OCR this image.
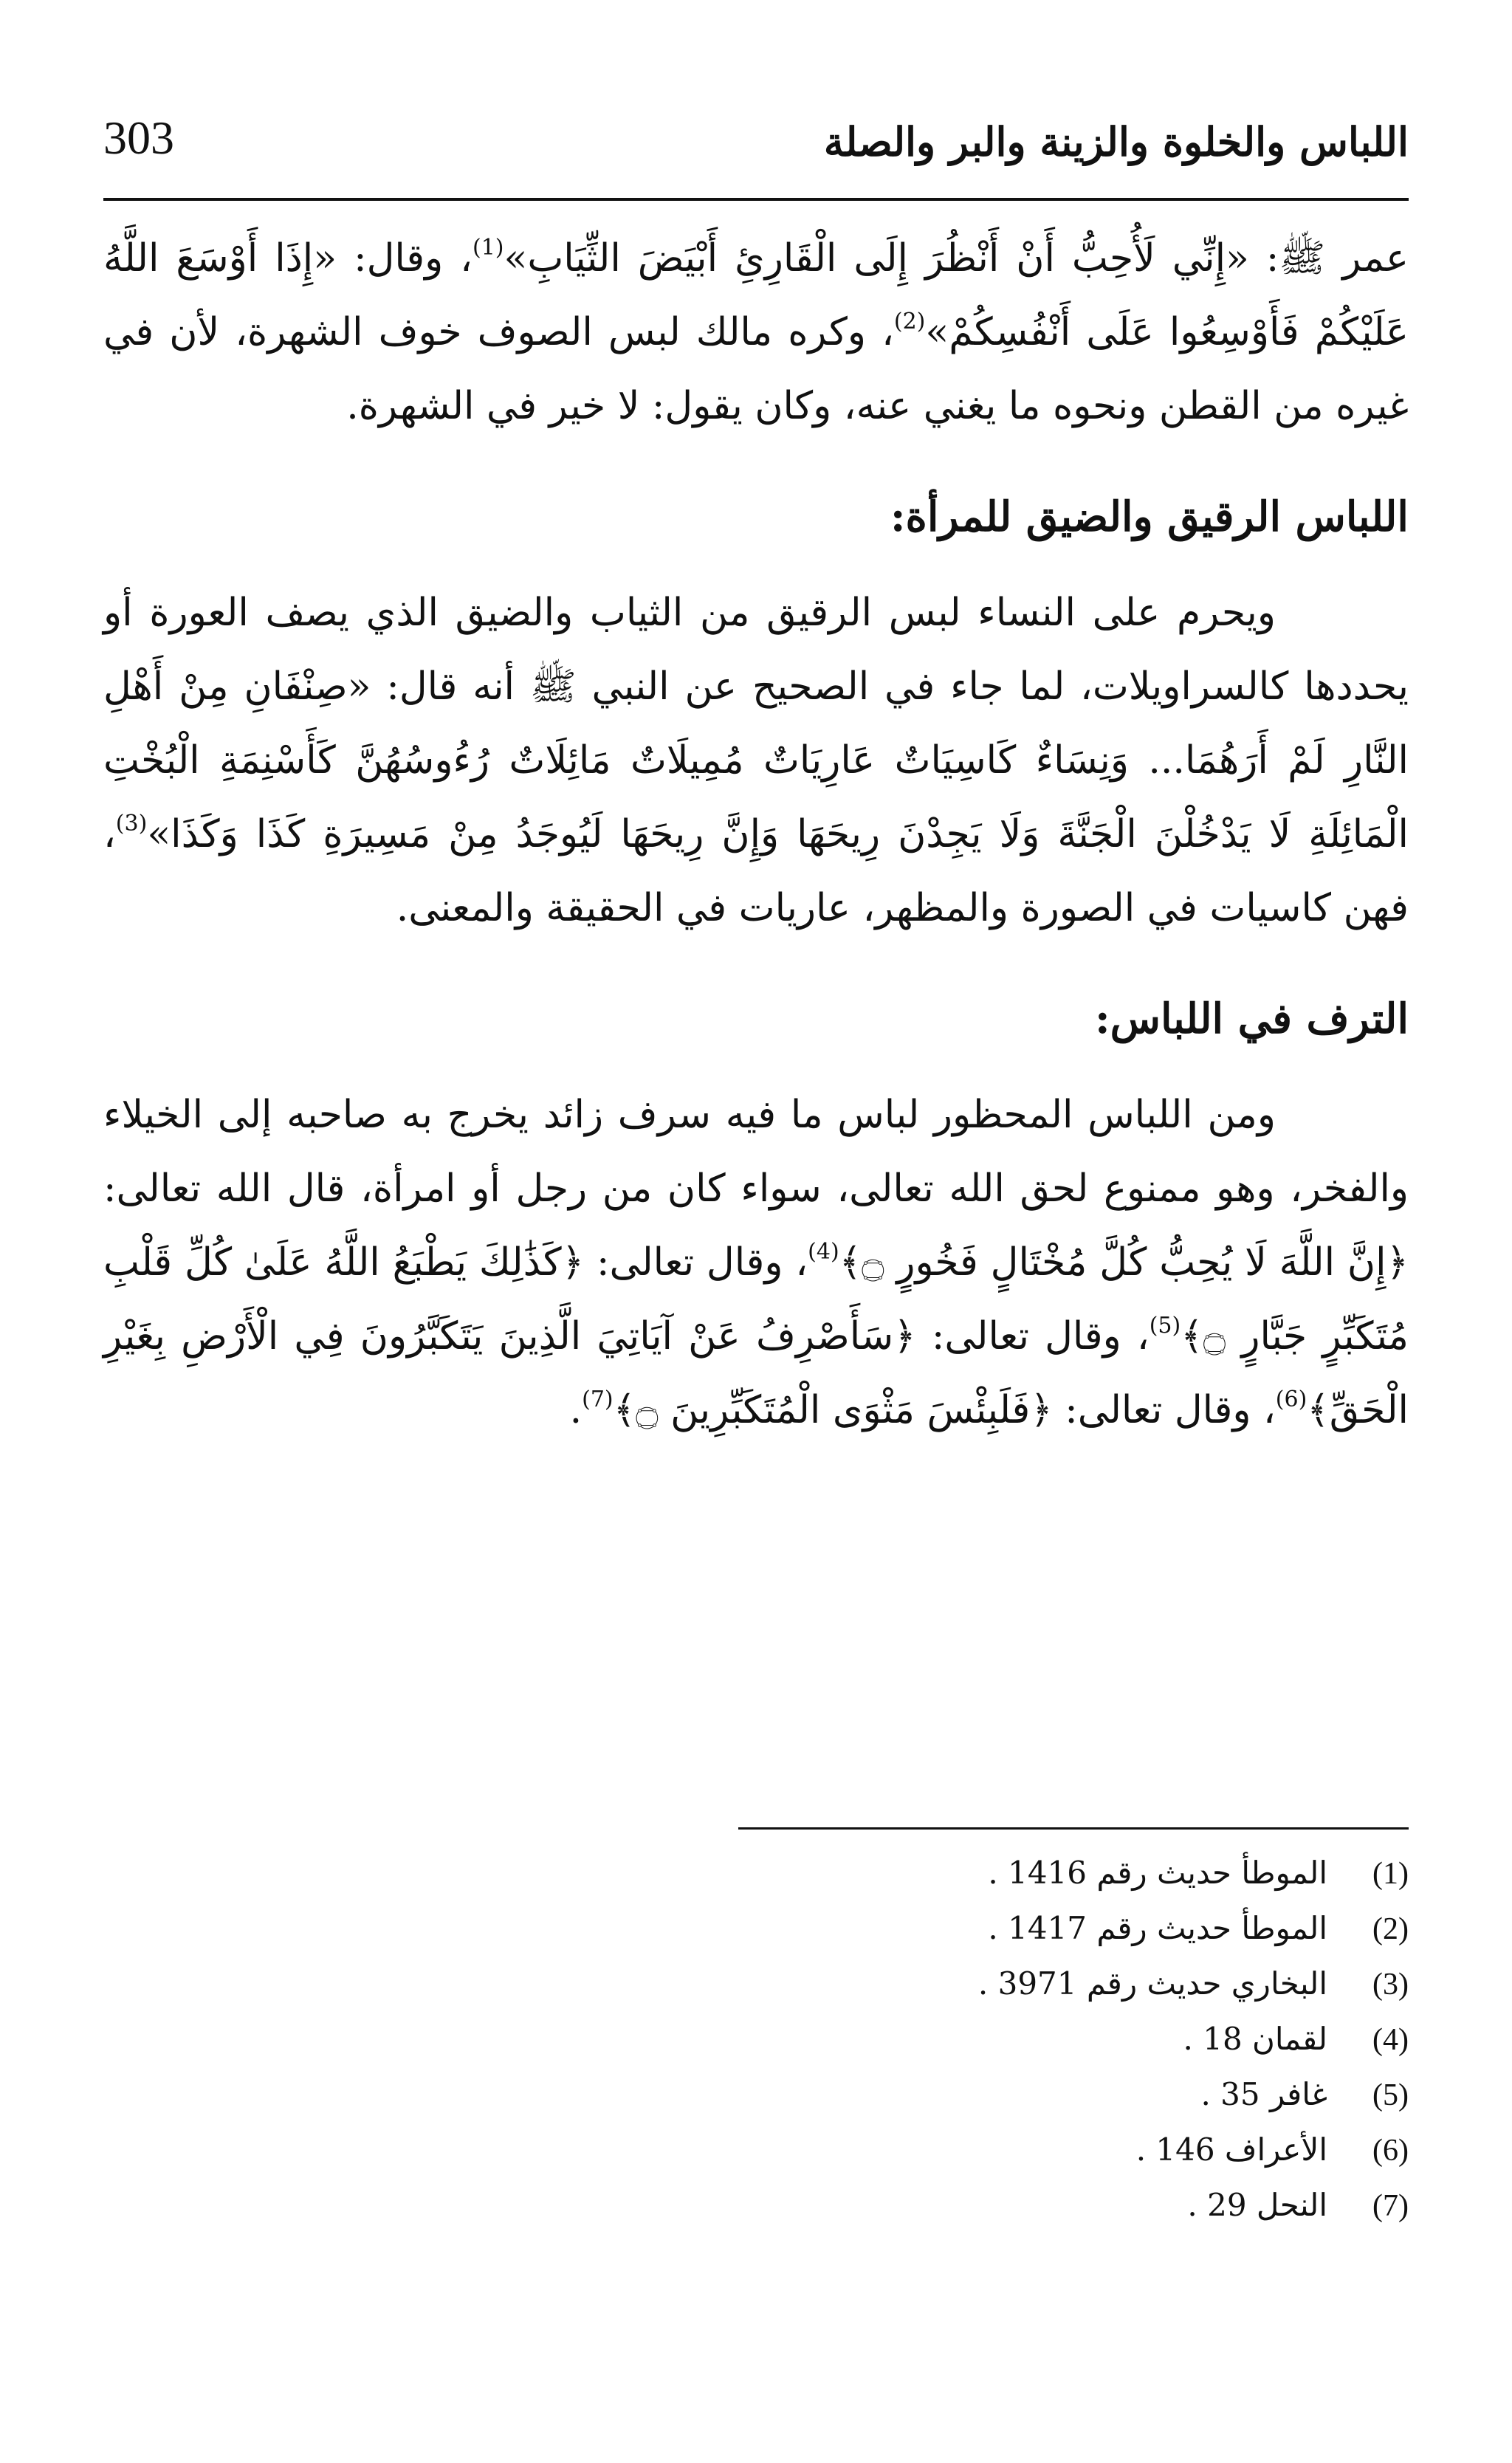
اللباس والخلوة والزينة والبر والصلة
303

عمر ﷺ: «إِنِّي لَأُحِبُّ أَنْ أَنْظُرَ إِلَى الْقَارِئِ أَبْيَضَ الثِّيَابِ»$^{(1)}$، وقال: «إِذَا أَوْسَعَ اللَّهُ عَلَيْكُمْ فَأَوْسِعُوا عَلَى أَنْفُسِكُمْ»$^{(2)}$، وكره مالك لبس الصوف خوف الشهرة، لأن في غيره من القطن ونحوه ما يغني عنه، وكان يقول: لا خير في الشهرة.

اللباس الرقيق والضيق للمرأة:

ويحرم على النساء لبس الرقيق من الثياب والضيق الذي يصف العورة أو يحددها كالسراويلات، لما جاء في الصحيح عن النبي ﷺ أنه قال: «صِنْفَانِ مِنْ أَهْلِ النَّارِ لَمْ أَرَهُمَا... وَنِسَاءٌ كَاسِيَاتٌ عَارِيَاتٌ مُمِيلَاتٌ مَائِلَاتٌ رُءُوسُهُنَّ كَأَسْنِمَةِ الْبُخْتِ الْمَائِلَةِ لَا يَدْخُلْنَ الْجَنَّةَ وَلَا يَجِدْنَ رِيحَهَا وَإِنَّ رِيحَهَا لَيُوجَدُ مِنْ مَسِيرَةِ كَذَا وَكَذَا»$^{(3)}$، فهن كاسيات في الصورة والمظهر، عاريات في الحقيقة والمعنى.

الترف في اللباس:

ومن اللباس المحظور لباس ما فيه سرف زائد يخرج به صاحبه إلى الخيلاء والفخر، وهو ممنوع لحق الله تعالى، سواء كان من رجل أو امرأة، قال الله تعالى: ﴿إِنَّ اللَّهَ لَا يُحِبُّ كُلَّ مُخْتَالٍ فَخُورٍ ۝﴾$^{(4)}$، وقال تعالى: ﴿كَذَٰلِكَ يَطْبَعُ اللَّهُ عَلَىٰ كُلِّ قَلْبِ مُتَكَبِّرٍ جَبَّارٍ ۝﴾$^{(5)}$، وقال تعالى: ﴿سَأَصْرِفُ عَنْ آيَاتِيَ الَّذِينَ يَتَكَبَّرُونَ فِي الْأَرْضِ بِغَيْرِ الْحَقِّ﴾$^{(6)}$، وقال تعالى: ﴿فَلَبِئْسَ مَثْوَى الْمُتَكَبِّرِينَ ۝﴾$^{(7)}$.

(1)
الموطأ حديث رقم 1416 .
(2)
الموطأ حديث رقم 1417 .
(3)
البخاري حديث رقم 3971 .
(4)
لقمان 18 .
(5)
غافر 35 .
(6)
الأعراف 146 .
(7)
النحل 29 .
